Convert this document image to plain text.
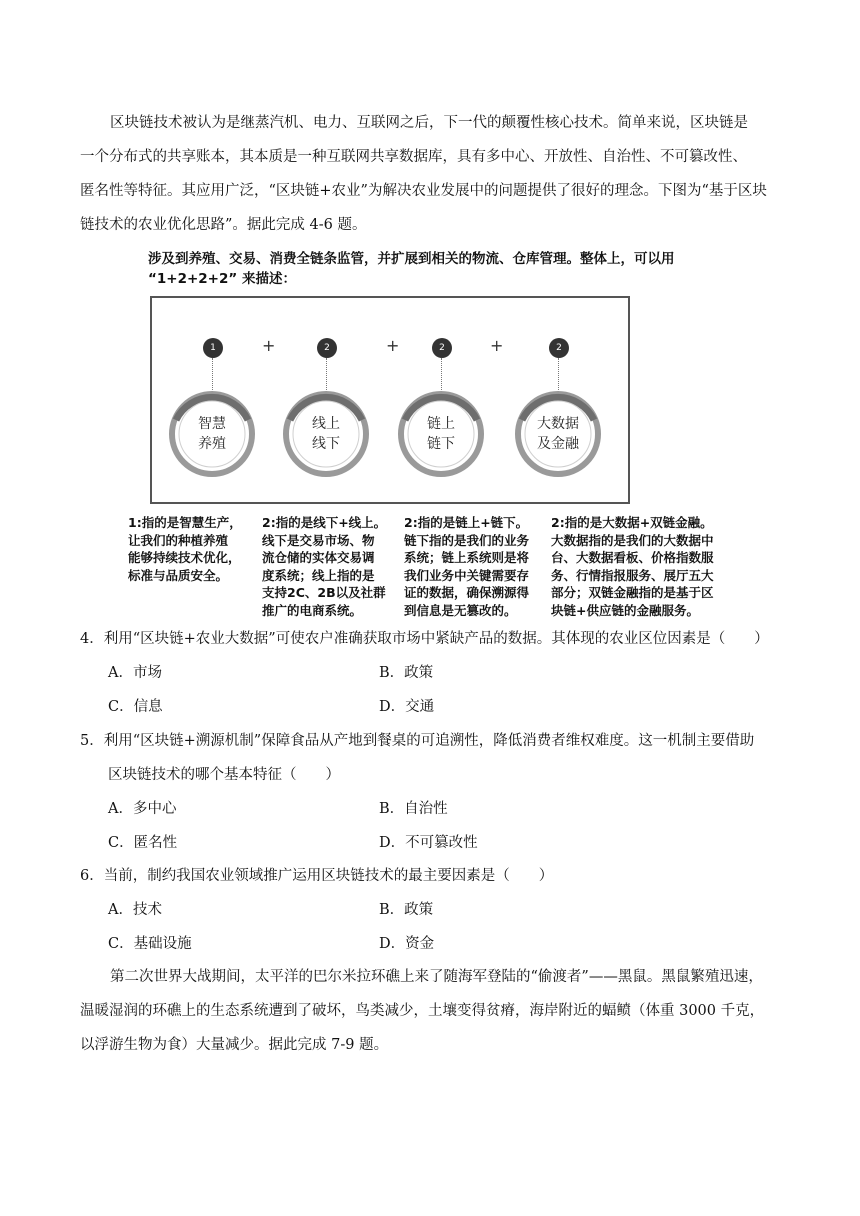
区块链技术被认为是继蒸汽机、电力、互联网之后，下一代的颠覆性核心技术。简单来说，区块链是
一个分布式的共享账本，其本质是一种互联网共享数据库，具有多中心、开放性、自治性、不可篡改性、
匿名性等特征。其应用广泛，“区块链+农业”为解决农业发展中的问题提供了很好的理念。下图为“基于区块
链技术的农业优化思路”。据此完成 4-6 题。
涉及到养殖、交易、消费全链条监管，并扩展到相关的物流、仓库管理。整体上，可以用
“1+2+2+2” 来描述：
1	2	2	2
+	+	+
智慧
养殖
线上
线下
链上
链下
大数据
及金融
1:指的是智慧生产，
让我们的种植养殖
能够持续技术优化，
标准与品质安全。
2:指的是线下+线上。
线下是交易市场、物
流仓储的实体交易调
度系统；线上指的是
支持2C、2B以及社群
推广的电商系统。
2:指的是链上+链下。
链下指的是我们的业务
系统；链上系统则是将
我们业务中关键需要存
证的数据，确保溯源得
到信息是无篡改的。
2:指的是大数据+双链金融。
大数据指的是我们的大数据中
台、大数据看板、价格指数服
务、行情指报服务、展厅五大
部分；双链金融指的是基于区
块链+供应链的金融服务。
4．利用“区块链+农业大数据”可使农户准确获取市场中紧缺产品的数据。其体现的农业区位因素是（　　）
A．市场	B．政策
C．信息	D．交通
5．利用“区块链+溯源机制”保障食品从产地到餐桌的可追溯性，降低消费者维权难度。这一机制主要借助
区块链技术的哪个基本特征（　　）
A．多中心	B．自治性
C．匿名性	D．不可篡改性
6．当前，制约我国农业领域推广运用区块链技术的最主要因素是（　　）
A．技术	B．政策
C．基础设施	D．资金
第二次世界大战期间，太平洋的巴尔米拉环礁上来了随海军登陆的“偷渡者”——黑鼠。黑鼠繁殖迅速，
温暖湿润的环礁上的生态系统遭到了破坏，鸟类减少，土壤变得贫瘠，海岸附近的蝠鲼（体重 3000 千克，
以浮游生物为食）大量减少。据此完成 7-9 题。
